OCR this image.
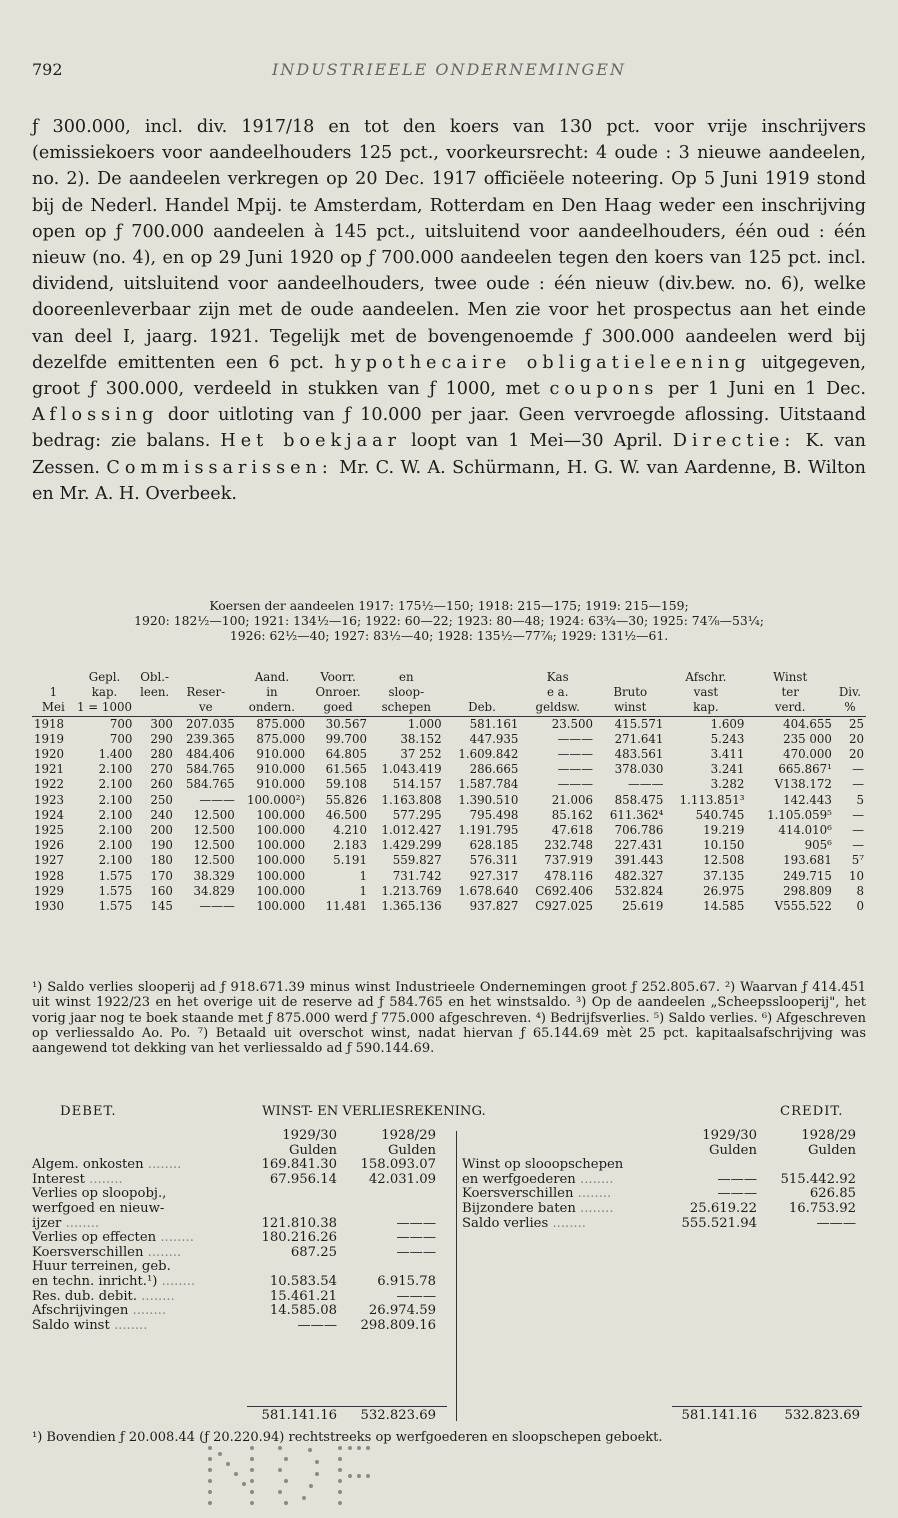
792	INDUSTRIEELE ONDERNEMINGEN

ƒ 300.000, incl. div. 1917/18 en tot den koers van 130 pct. voor vrije inschrijvers (emissiekoers voor aandeelhouders 125 pct., voorkeursrecht: 4 oude : 3 nieuwe aandeelen, no. 2). De aandeelen verkregen op 20 Dec. 1917 officiëele noteering. Op 5 Juni 1919 stond bij de Nederl. Handel Mpij. te Amsterdam, Rotterdam en Den Haag weder een inschrijving open op ƒ 700.000 aandeelen à 145 pct., uitsluitend voor aandeelhouders, één oud : één nieuw (no. 4), en op 29 Juni 1920 op ƒ 700.000 aandeelen tegen den koers van 125 pct. incl. dividend, uitsluitend voor aandeelhouders, twee oude : één nieuw (div.bew. no. 6), welke dooreenleverbaar zijn met de oude aandeelen. Men zie voor het prospectus aan het einde van deel I, jaarg. 1921. Tegelijk met de bovengenoemde ƒ 300.000 aandeelen werd bij dezelfde emittenten een 6 pct. hypothecaire obligatieleening uitgegeven, groot ƒ 300.000, verdeeld in stukken van ƒ 1000, met coupons per 1 Juni en 1 Dec. Aflossing door uitloting van ƒ 10.000 per jaar. Geen vervroegde aflossing. Uitstaand bedrag: zie balans. Het boekjaar loopt van 1 Mei—30 April. Directie: K. van Zessen. Commissarissen: Mr. C. W. A. Schürmann, H. G. W. van Aardenne, B. Wilton en Mr. A. H. Overbeek.

Koersen der aandeelen 1917: 175½—150; 1918: 215—175; 1919: 215—159;
1920: 182½—100; 1921: 134½—16; 1922: 60—22; 1923: 80—48; 1924: 63¾—30; 1925: 74⅞—53¼;
1926: 62½—40; 1927: 83½—40; 1928: 135½—77⅞; 1929: 131½—61.
	Gepl.	Obl.-		Aand.	Voorr.	en		Kas		Afschr.	Winst	
1	kap.	leen.	Reser-	in	Onroer.	sloop-		e a.	Bruto	vast	ter	Div.
Mei	1 = 1000		ve	ondern.	goed	schepen	Deb.	geldsw.	winst	kap.	verd.	%
1918	700	300	207.035	875.000	30.567	1.000	581.161	23.500	415.571	1.609	404.655	25
1919	700	290	239.365	875.000	99.700	38.152	447.935	———	271.641	5.243	235 000	20
1920	1.400	280	484.406	910.000	64.805	37 252	1.609.842	———	483.561	3.411	470.000	20
1921	2.100	270	584.765	910.000	61.565	1.043.419	286.665	———	378.030	3.241	665.867¹	—
1922	2.100	260	584.765	910.000	59.108	514.157	1.587.784	———	———	3.282	V138.172	—
1923	2.100	250	———	100.000²)	55.826	1.163.808	1.390.510	21.006	858.475	1.113.851³	142.443	5
1924	2.100	240	12.500	100.000	46.500	577.295	795.498	85.162	611.362⁴	540.745	1.105.059⁵	—
1925	2.100	200	12.500	100.000	4.210	1.012.427	1.191.795	47.618	706.786	19.219	414.010⁶	—
1926	2.100	190	12.500	100.000	2.183	1.429.299	628.185	232.748	227.431	10.150	905⁶	—
1927	2.100	180	12.500	100.000	5.191	559.827	576.311	737.919	391.443	12.508	193.681	5⁷
1928	1.575	170	38.329	100.000	1	731.742	927.317	478.116	482.327	37.135	249.715	10
1929	1.575	160	34.829	100.000	1	1.213.769	1.678.640	C692.406	532.824	26.975	298.809	8
1930	1.575	145	———	100.000	11.481	1.365.136	937.827	C927.025	25.619	14.585	V555.522	0

¹) Saldo verlies slooperij ad ƒ 918.671.39 minus winst Industrieele Ondernemingen groot ƒ 252.805.67. ²) Waarvan ƒ 414.451 uit winst 1922/23 en het overige uit de reserve ad ƒ 584.765 en het winstsaldo. ³) Op de aandeelen „Scheepsslooperij", het vorig jaar nog te boek staande met ƒ 875.000 werd ƒ 775.000 afgeschreven. ⁴) Bedrijfsverlies. ⁵) Saldo verlies. ⁶) Afgeschreven op verliessaldo Ao. Po. ⁷) Betaald uit overschot winst, nadat hiervan ƒ 65.144.69 mèt 25 pct. kapitaalsafschrijving was aangewend tot dekking van het verliessaldo ad ƒ 590.144.69.

DEBET.	WINST- EN VERLIESREKENING.	CREDIT.
1929/30	1928/29
Gulden	Gulden
Algem. onkosten .....	169.841.30	158.093.07
Interest .....	67.956.14	42.031.09
Verlies op sloopobj.,
werfgoed en nieuw-
ijzer .....	121.810.38	———
Verlies op effecten .....	180.216.26	———
Koersverschillen .....	687.25	———
Huur terreinen, geb.
en techn. inricht.¹) .....	10.583.54	6.915.78
Res. dub. debit. .....	15.461.21	———
Afschrijvingen .....	14.585.08	26.974.59
Saldo winst .....	———	298.809.16
1929/30	1928/29
Gulden	Gulden
Winst op slooopschepen
en werfgoederen .....	———	515.442.92
Koersverschillen .....	———	626.85
Bijzondere baten .....	25.619.22	16.753.92
Saldo verlies .....	555.521.94	———
581.141.16	532.823.69	581.141.16	532.823.69
¹) Bovendien ƒ 20.008.44 (ƒ 20.220.94) rechtstreeks op werfgoederen en sloopschepen geboekt.
